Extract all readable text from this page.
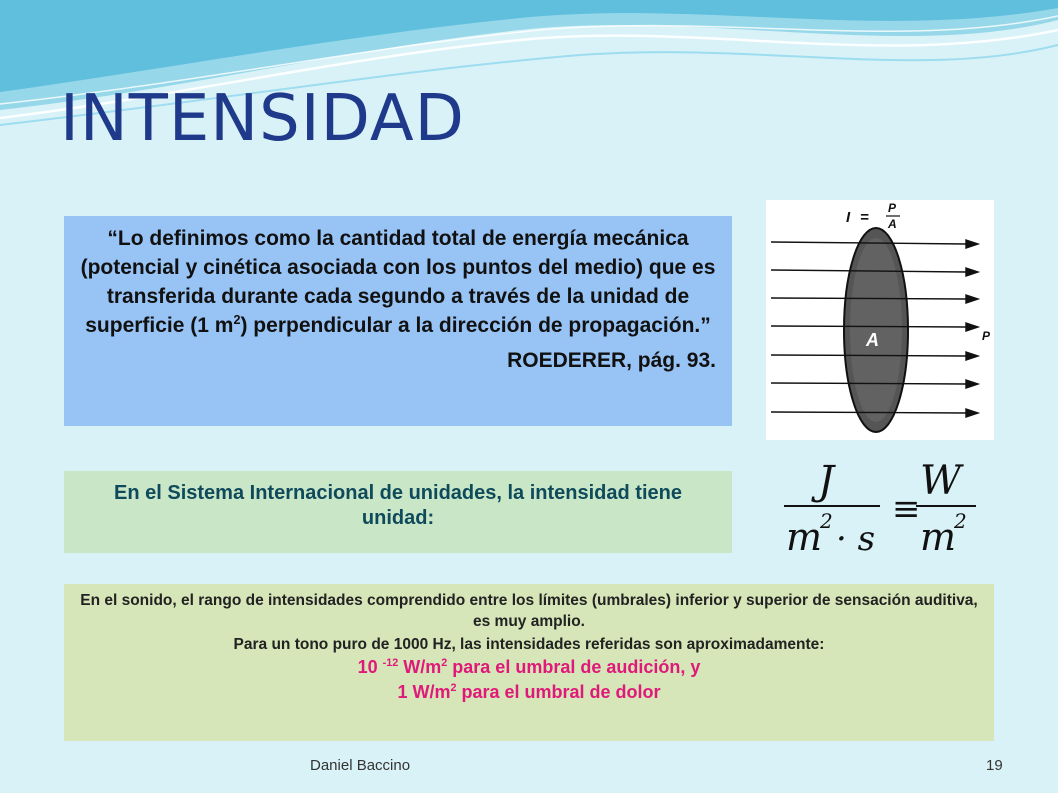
INTENSIDAD
“Lo definimos como la cantidad total de energía mecánica (potencial y cinética asociada con los puntos del medio) que es transferida durante cada segundo a través de la unidad de superficie (1 $m^2$) perpendicular a la dirección de propagación.”
ROEDERER, pág. 93.
I =
P
A
A	P
En el Sistema Internacional de unidades, la intensidad tiene unidad:
J
m
2 · s
≡
W
m
2
En el sonido, el rango de intensidades comprendido entre los límites (umbrales) inferior y superior de sensación auditiva, es muy amplio.
Para un tono puro de 1000 Hz, las intensidades referidas son aproximadamente:
10 $^{-12}$ $W/m^2$ para el umbral de audición, y
1 $W/m^2$ para el umbral de dolor
Daniel Baccino	19
